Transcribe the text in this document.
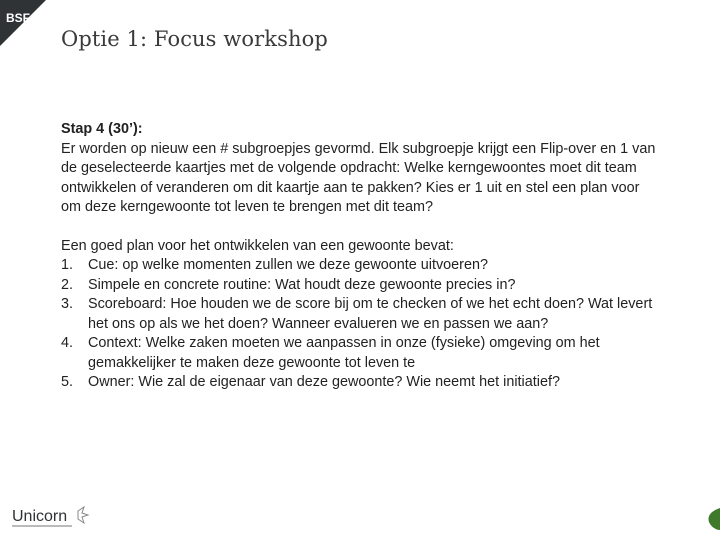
BSF
Optie 1: Focus workshop
Stap 4 (30’):

Er worden op nieuw een # subgroepjes gevormd. Elk subgroepje krijgt een Flip-over en 1 van de geselecteerde kaartjes met de volgende opdracht: Welke kerngewoontes moet dit team ontwikkelen of veranderen om dit kaartje aan te pakken? Kies er 1 uit en stel een plan voor om deze kerngewoonte tot leven te brengen met dit team?

Een goed plan voor het ontwikkelen van een gewoonte bevat:
1. Cue: op welke momenten zullen we deze gewoonte uitvoeren?
2. Simpele en concrete routine: Wat houdt deze gewoonte precies in?
3. Scoreboard: Hoe houden we de score bij om te checken of we het echt doen? Wat levert het ons op als we het doen? Wanneer evalueren we en passen we aan?
4. Context: Welke zaken moeten we aanpassen in onze (fysieke) omgeving om het gemakkelijker te maken deze gewoonte tot leven te
5. Owner: Wie zal de eigenaar van deze gewoonte? Wie neemt het initiatief?
Unicorn
